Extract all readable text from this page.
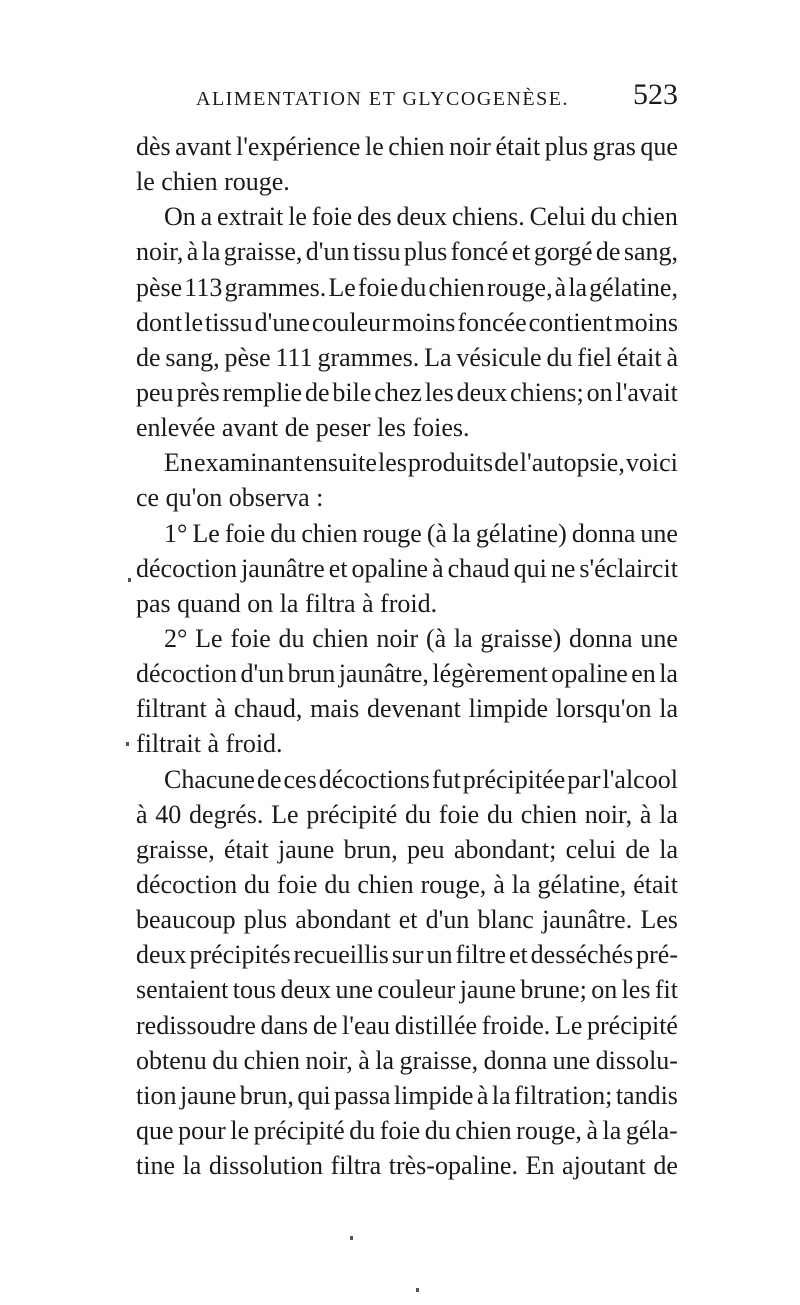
ALIMENTATION ET GLYCOGENÈSE. 523
dès avant l'expérience le chien noir était plus gras que
le chien rouge.
On a extrait le foie des deux chiens. Celui du chien
noir, à la graisse, d'un tissu plus foncé et gorgé de sang,
pèse 113 grammes. Le foie du chien rouge, à la gélatine,
dont le tissu d'une couleur moins foncée contient moins
de sang, pèse 111 grammes. La vésicule du fiel était à
peu près remplie de bile chez les deux chiens; on l'avait
enlevée avant de peser les foies.
En examinant ensuite les produits de l'autopsie, voici
ce qu'on observa :
1° Le foie du chien rouge (à la gélatine) donna une
décoction jaunâtre et opaline à chaud qui ne s'éclaircit
pas quand on la filtra à froid.
2° Le foie du chien noir (à la graisse) donna une
décoction d'un brun jaunâtre, légèrement opaline en la
filtrant à chaud, mais devenant limpide lorsqu'on la
filtrait à froid.
Chacune de ces décoctions fut précipitée par l'alcool
à 40 degrés. Le précipité du foie du chien noir, à la
graisse, était jaune brun, peu abondant; celui de la
décoction du foie du chien rouge, à la gélatine, était
beaucoup plus abondant et d'un blanc jaunâtre. Les
deux précipités recueillis sur un filtre et desséchés pré-
sentaient tous deux une couleur jaune brune; on les fit
redissoudre dans de l'eau distillée froide. Le précipité
obtenu du chien noir, à la graisse, donna une dissolu-
tion jaune brun, qui passa limpide à la filtration; tandis
que pour le précipité du foie du chien rouge, à la géla-
tine la dissolution filtra très-opaline. En ajoutant de
